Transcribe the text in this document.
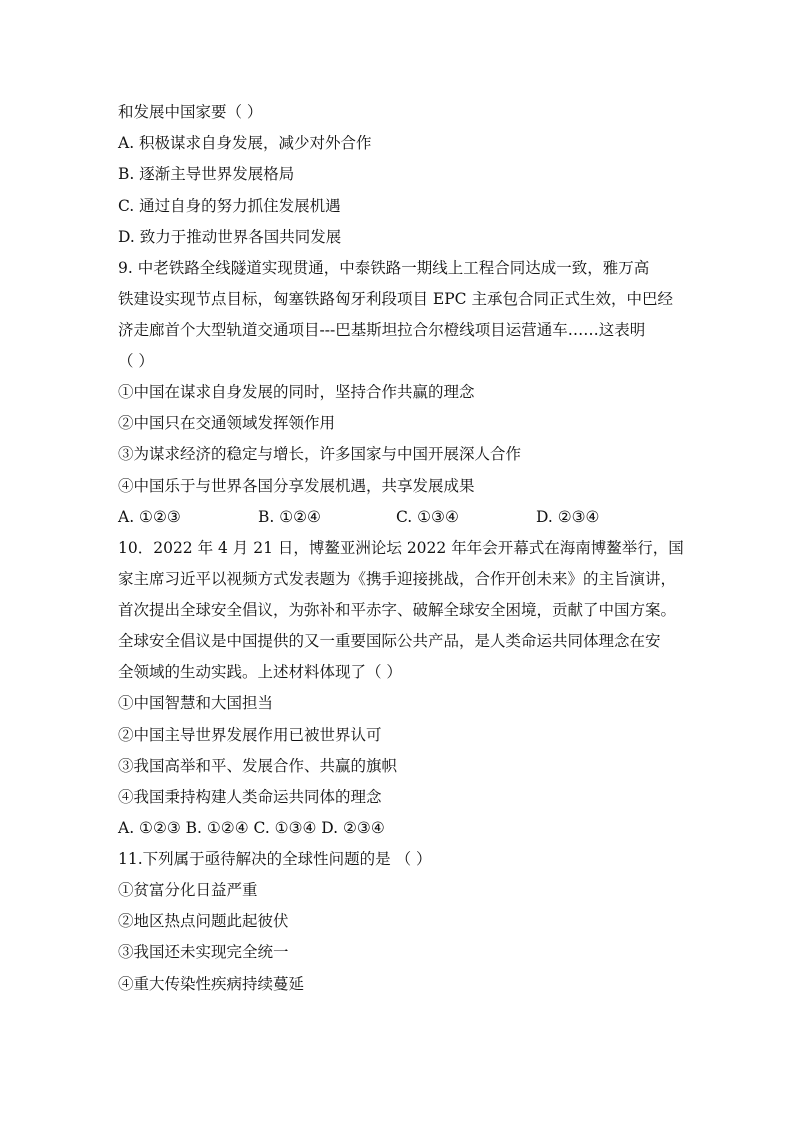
和发展中国家要（ ）
A. 积极谋求自身发展，减少对外合作
B. 逐渐主导世界发展格局
C. 通过自身的努力抓住发展机遇
D. 致力于推动世界各国共同发展
9. 中老铁路全线隧道实现贯通，中泰铁路一期线上工程合同达成一致，雅万高
铁建设实现节点目标，匈塞铁路匈牙利段项目 EPC 主承包合同正式生效，中巴经
济走廊首个大型轨道交通项目---巴基斯坦拉合尔橙线项目运营通车……这表明
（ ）
①中国在谋求自身发展的同时，坚持合作共赢的理念
②中国只在交通领域发挥领作用
③为谋求经济的稳定与增长，许多国家与中国开展深人合作
④中国乐于与世界各国分享发展机遇，共享发展成果
A. ①②③	B. ①②④	C. ①③④	D. ②③④
10．2022 年 4 月 21 日，博鳌亚洲论坛 2022 年年会开幕式在海南博鳌举行，国
家主席习近平以视频方式发表题为《携手迎接挑战，合作开创未来》的主旨演讲，
首次提出全球安全倡议，为弥补和平赤字、破解全球安全困境，贡献了中国方案。
全球安全倡议是中国提供的又一重要国际公共产品，是人类命运共同体理念在安
全领域的生动实践。上述材料体现了（ ）
①中国智慧和大国担当
②中国主导世界发展作用已被世界认可
③我国高举和平、发展合作、共赢的旗帜
④我国秉持构建人类命运共同体的理念
A. ①②③ B. ①②④ C. ①③④ D. ②③④
11.下列属于亟待解决的全球性问题的是 （ ）
①贫富分化日益严重
②地区热点问题此起彼伏
③我国还未实现完全统一
④重大传染性疾病持续蔓延
